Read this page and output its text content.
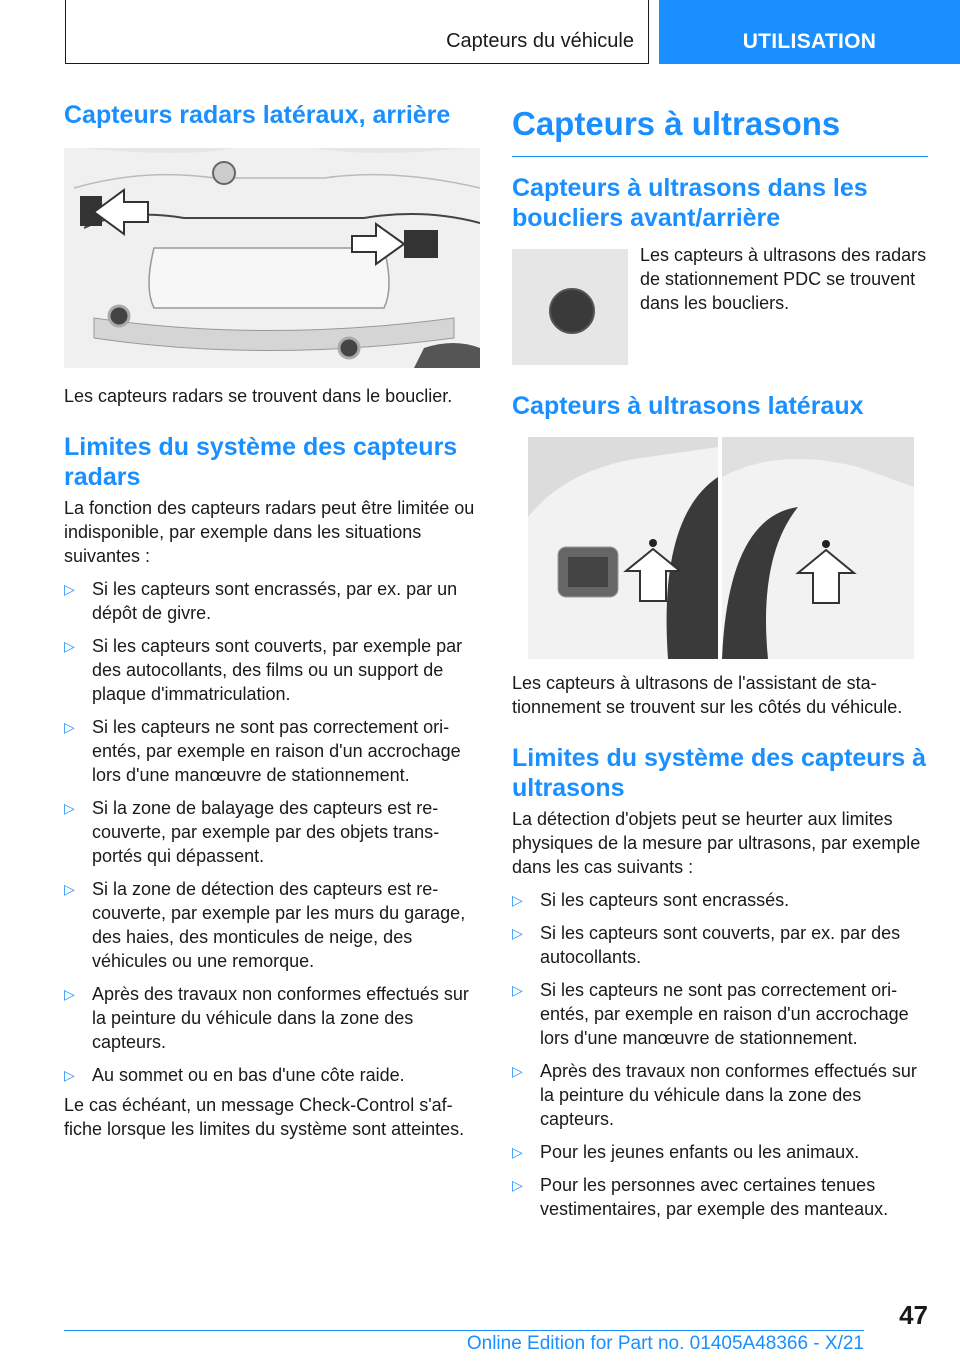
Capteurs du véhicule	UTILISATION
Capteurs radars latéraux, arrière

Les capteurs radars se trouvent dans le bouclier.

Limites du système des capteurs radars

La fonction des capteurs radars peut être limitée ou indisponible, par exemple dans les situations suivantes :

▷ Si les capteurs sont encrassés, par ex. par un dépôt de givre.
▷ Si les capteurs sont couverts, par exemple par des autocollants, des films ou un support de plaque d'immatriculation.
▷ Si les capteurs ne sont pas correctement orientés, par exemple en raison d'un accrochage lors d'une manœuvre de stationnement.
▷ Si la zone de balayage des capteurs est recouverte, par exemple par des objets transportés qui dépassent.
▷ Si la zone de détection des capteurs est recouverte, par exemple par les murs du garage, des haies, des monticules de neige, des véhicules ou une remorque.
▷ Après des travaux non conformes effectués sur la peinture du véhicule dans la zone des capteurs.
▷ Au sommet ou en bas d'une côte raide.

Le cas échéant, un message Check-Control s'affiche lorsque les limites du système sont atteintes.

Capteurs à ultrasons
Capteurs à ultrasons dans les boucliers avant/arrière

Les capteurs à ultrasons des radars de stationnement PDC se trouvent dans les boucliers.

Capteurs à ultrasons latéraux

Les capteurs à ultrasons de l'assistant de stationnement se trouvent sur les côtés du véhicule.

Limites du système des capteurs à ultrasons

La détection d'objets peut se heurter aux limites physiques de la mesure par ultrasons, par exemple dans les cas suivants :

▷ Si les capteurs sont encrassés.
▷ Si les capteurs sont couverts, par ex. par des autocollants.
▷ Si les capteurs ne sont pas correctement orientés, par exemple en raison d'un accrochage lors d'une manœuvre de stationnement.
▷ Après des travaux non conformes effectués sur la peinture du véhicule dans la zone des capteurs.
▷ Pour les jeunes enfants ou les animaux.
▷ Pour les personnes avec certaines tenues vestimentaires, par exemple des manteaux.
47
Online Edition for Part no. 01405A48366 - X/21
